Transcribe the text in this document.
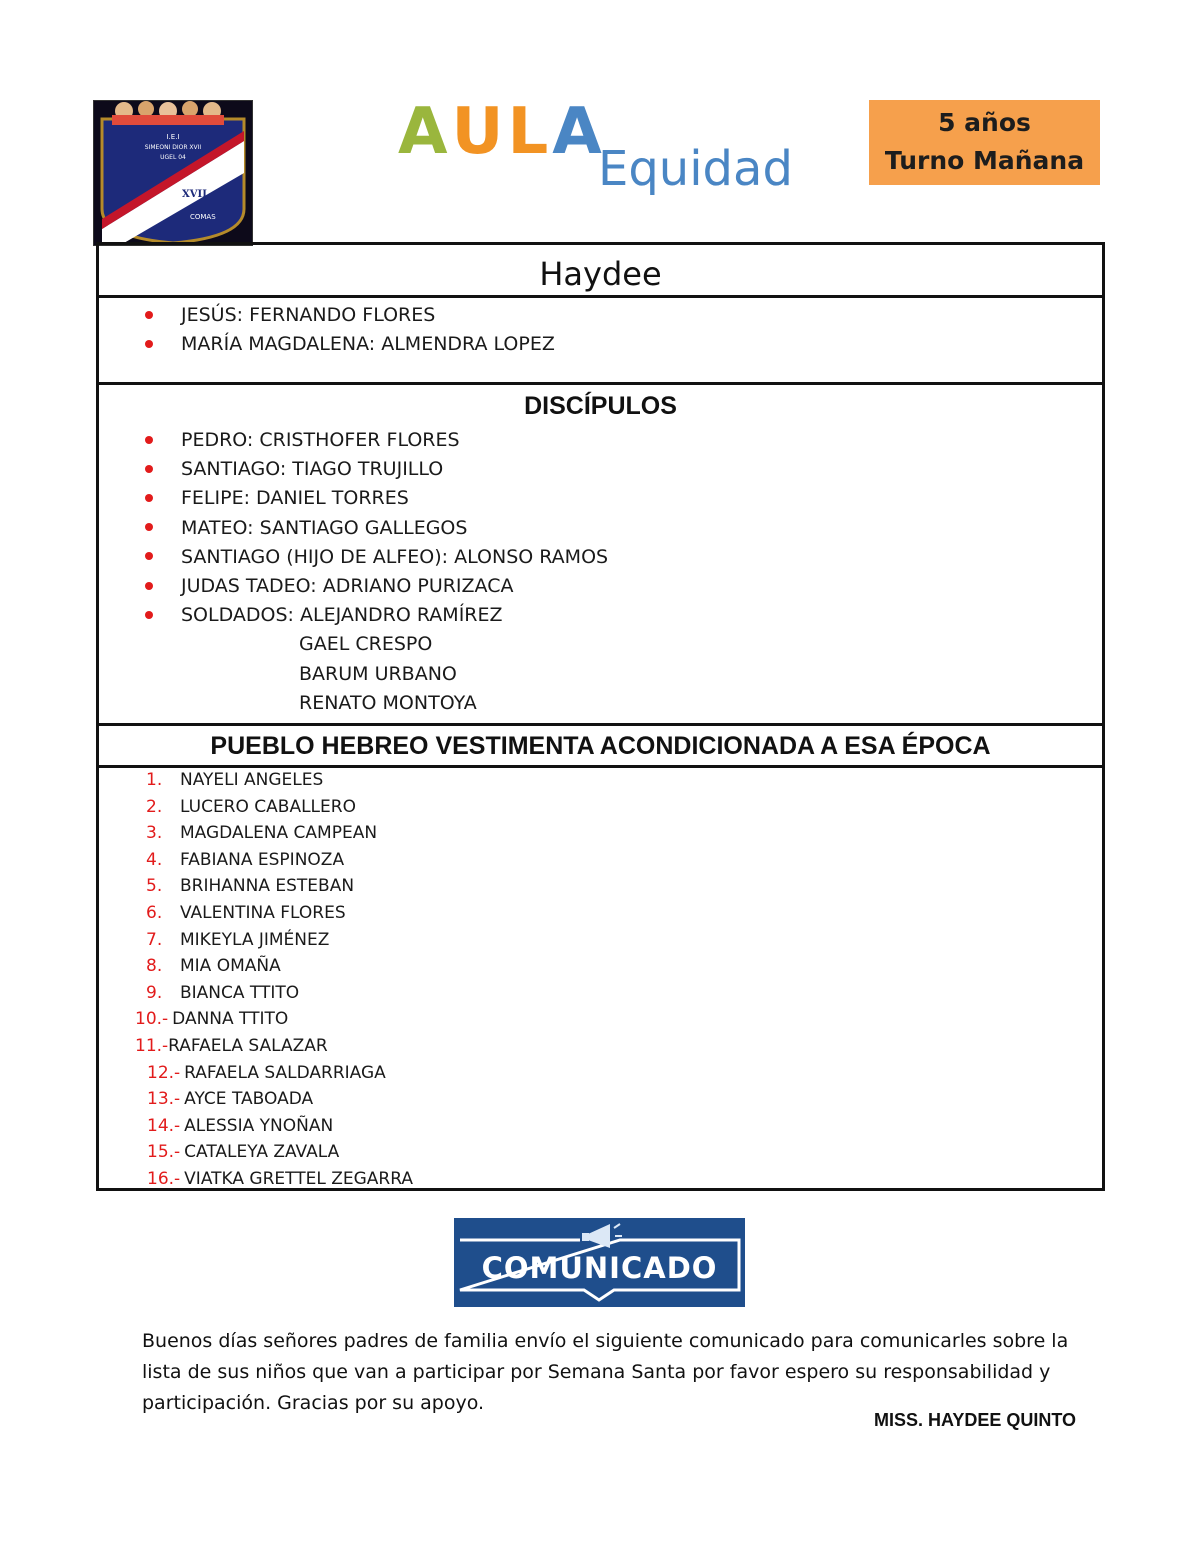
I.E.I
SIMEONI DIOR XVII
UGEL 04
XVII
COMAS
AULA
Equidad
5 años
Turno Mañana
Haydee
JESÚS: FERNANDO FLORES
MARÍA MAGDALENA: ALMENDRA LOPEZ
DISCÍPULOS
PEDRO: CRISTHOFER FLORES
SANTIAGO: TIAGO TRUJILLO
FELIPE: DANIEL TORRES
MATEO: SANTIAGO GALLEGOS
SANTIAGO (HIJO DE ALFEO): ALONSO RAMOS
JUDAS TADEO: ADRIANO PURIZACA
SOLDADOS: ALEJANDRO RAMÍREZ
GAEL CRESPO
BARUM URBANO
RENATO MONTOYA
PUEBLO HEBREO VESTIMENTA ACONDICIONADA A ESA ÉPOCA
1. NAYELI ANGELES
2. LUCERO CABALLERO
3. MAGDALENA CAMPEAN
4. FABIANA ESPINOZA
5. BRIHANNA ESTEBAN
6. VALENTINA FLORES
7. MIKEYLA JIMÉNEZ
8. MIA OMAÑA
9. BIANCA TTITO
10.- DANNA TTITO
11.-RAFAELA SALAZAR
12.- RAFAELA SALDARRIAGA
13.- AYCE TABOADA
14.- ALESSIA YNOÑAN
15.- CATALEYA ZAVALA
16.- VIATKA GRETTEL ZEGARRA
COMUNICADO
Buenos días señores padres de familia envío el siguiente comunicado para comunicarles sobre la lista de sus niños que van a participar por Semana Santa por favor espero su responsabilidad y participación. Gracias por su apoyo.
MISS. HAYDEE QUINTO
